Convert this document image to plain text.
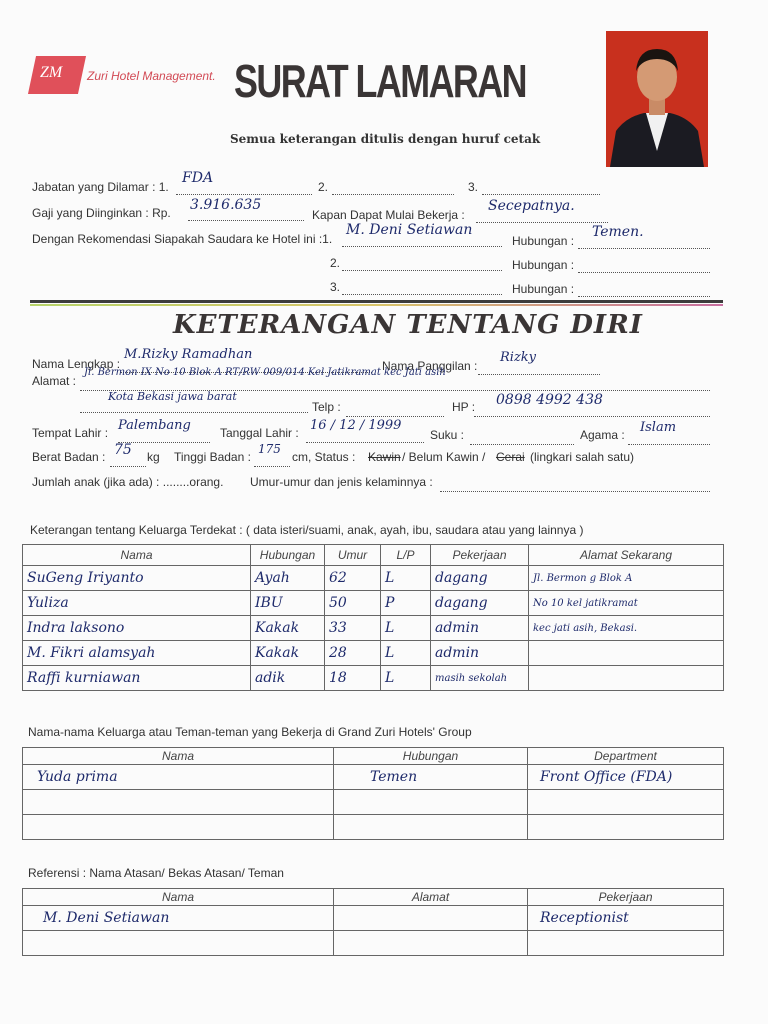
ZM Zuri Hotel Management. SURAT LAMARAN
Semua keterangan ditulis dengan huruf cetak
Jabatan yang Dilamar : 1.
FDA
2.	3.
Gaji yang Diinginkan : Rp. 3.916.635
Kapan Dapat Mulai Bekerja :
Secepatnya.
Dengan Rekomendasi Siapakah Saudara ke Hotel ini :1.
M. Deni Setiawan
Hubungan :
Temen.
2.	Hubungan :
3.	Hubungan :
KETERANGAN TENTANG DIRI
Nama Lengkap :
M.Rizky Ramadhan
Nama Panggilan :
Rizky
Alamat :
Jl. Bermon IX No 10 Blok A RT/RW 009/014 Kel Jatikramat kec Jati asih
Kota Bekasi jawa barat
Telp :	HP : 0898 4992 438
Tempat Lahir : Palembang Tanggal Lahir : 16 / 12 / 1999
Suku :	Agama : Islam
Berat Badan : 75 kg Tinggi Badan :
175
cm, Status : Kawin / Belum Kawin / Cerai (lingkari salah satu)
Jumlah anak (jika ada) : ........orang. Umur-umur dan jenis kelaminnya :
Keterangan tentang Keluarga Terdekat : ( data isteri/suami, anak, ayah, ibu, saudara atau yang lainnya )
Nama	Hubungan	Umur	L/P	Pekerjaan	Alamat Sekarang
SuGeng Iriyanto	Ayah	62	L	dagang	Jl. Bermon g Blok A
Yuliza	IBU	50	P	dagang	No 10 kel jatikramat
Indra laksono	Kakak	33	L	admin	kec jati asih, Bekasi.
M. Fikri alamsyah	Kakak	28	L	admin	
Raffi kurniawan	adik	18	L	masih sekolah	
Nama-nama Keluarga atau Teman-teman yang Bekerja di Grand Zuri Hotels' Group
Nama	Hubungan	Department
Yuda prima	Temen	Front Office (FDA)

Referensi : Nama Atasan/ Bekas Atasan/ Teman
Nama	Alamat	Pekerjaan
M. Deni Setiawan		Receptionist
